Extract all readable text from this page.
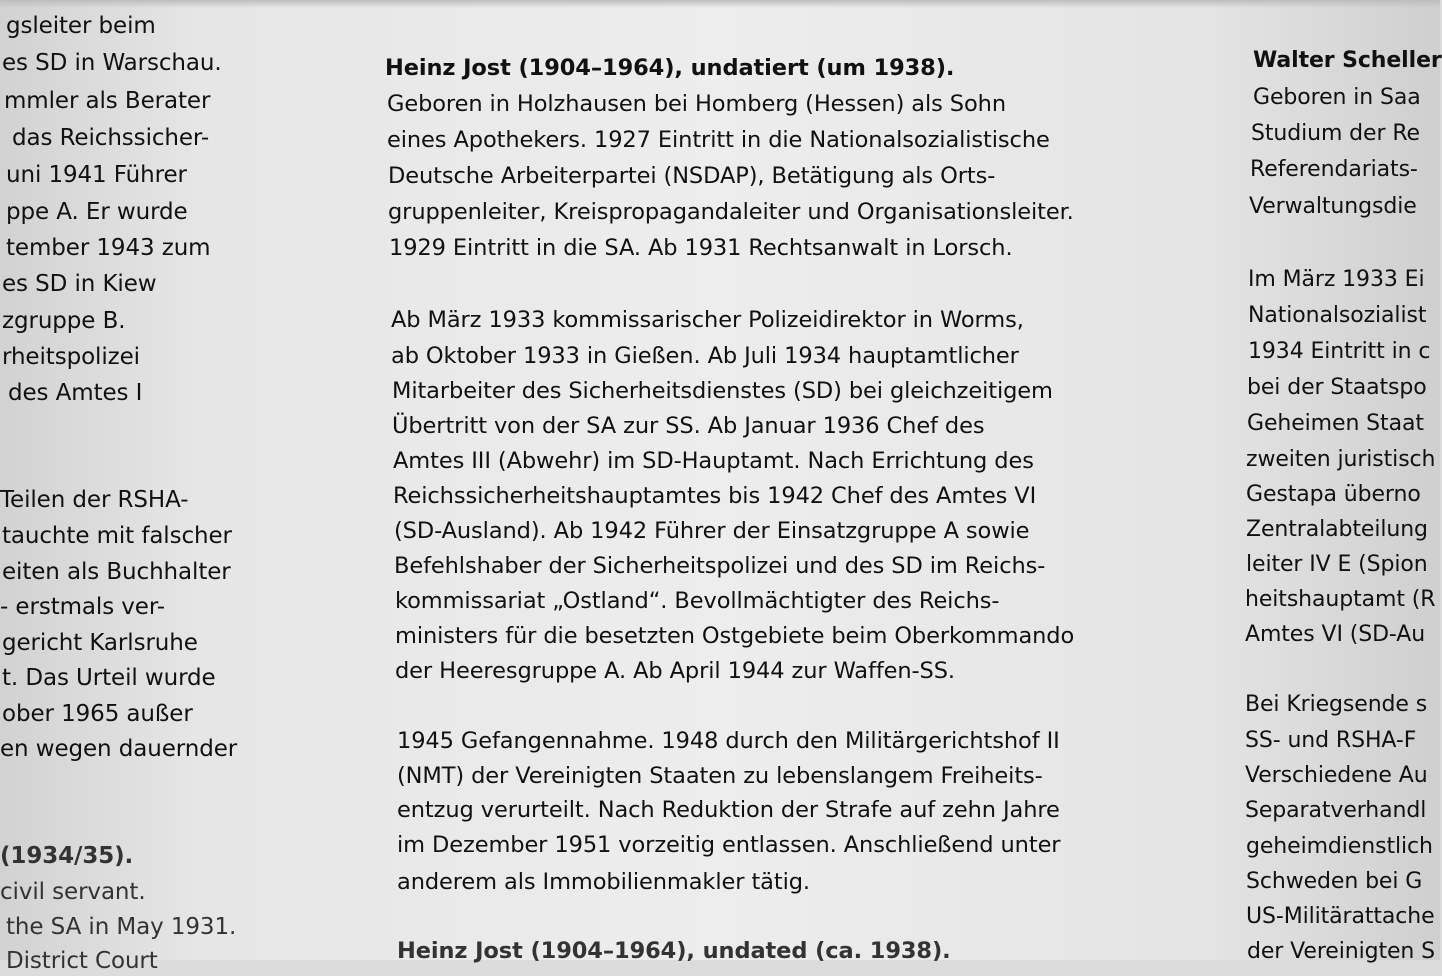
gsleiter beim
es SD in Warschau.
mmler als Berater
das Reichssicher-
uni 1941 Führer
ppe A. Er wurde
tember 1943 zum
es SD in Kiew
zgruppe B.
rheitspolizei
des Amtes I
Teilen der RSHA-
tauchte mit falscher
eiten als Buchhalter
- erstmals ver-
gericht Karlsruhe
t. Das Urteil wurde
ober 1965 außer
en wegen dauernder
(1934/35).
civil servant.
the SA in May 1931.
District Court
Heinz Jost (1904–1964), undatiert (um 1938).
Geboren in Holzhausen bei Homberg (Hessen) als Sohn
eines Apothekers. 1927 Eintritt in die Nationalsozialistische
Deutsche Arbeiterpartei (NSDAP), Betätigung als Orts-
gruppenleiter, Kreispropagandaleiter und Organisationsleiter.
1929 Eintritt in die SA. Ab 1931 Rechtsanwalt in Lorsch.
Ab März 1933 kommissarischer Polizeidirektor in Worms,
ab Oktober 1933 in Gießen. Ab Juli 1934 hauptamtlicher
Mitarbeiter des Sicherheitsdienstes (SD) bei gleichzeitigem
Übertritt von der SA zur SS. Ab Januar 1936 Chef des
Amtes III (Abwehr) im SD-Hauptamt. Nach Errichtung des
Reichssicherheitshauptamtes bis 1942 Chef des Amtes VI
(SD-Ausland). Ab 1942 Führer der Einsatzgruppe A sowie
Befehlshaber der Sicherheitspolizei und des SD im Reichs-
kommissariat „Ostland“. Bevollmächtigter des Reichs-
ministers für die besetzten Ostgebiete beim Oberkommando
der Heeresgruppe A. Ab April 1944 zur Waffen-SS.
1945 Gefangennahme. 1948 durch den Militärgerichtshof II
(NMT) der Vereinigten Staaten zu lebenslangem Freiheits-
entzug verurteilt. Nach Reduktion der Strafe auf zehn Jahre
im Dezember 1951 vorzeitig entlassen. Anschließend unter
anderem als Immobilienmakler tätig.
Heinz Jost (1904–1964), undated (ca. 1938).
Walter Scheller
Geboren in Saa
Studium der Re
Referendariats-
Verwaltungsdie
Im März 1933 Ei
Nationalsozialist
1934 Eintritt in c
bei der Staatspo
Geheimen Staat
zweiten juristisch
Gestapa überno
Zentralabteilung
leiter IV E (Spion
heitshauptamt (R
Amtes VI (SD-Au
Bei Kriegsende s
SS- und RSHA-F
Verschiedene Au
Separatverhandl
geheimdienstlich
Schweden bei G
US-Militärattache
der Vereinigten S
